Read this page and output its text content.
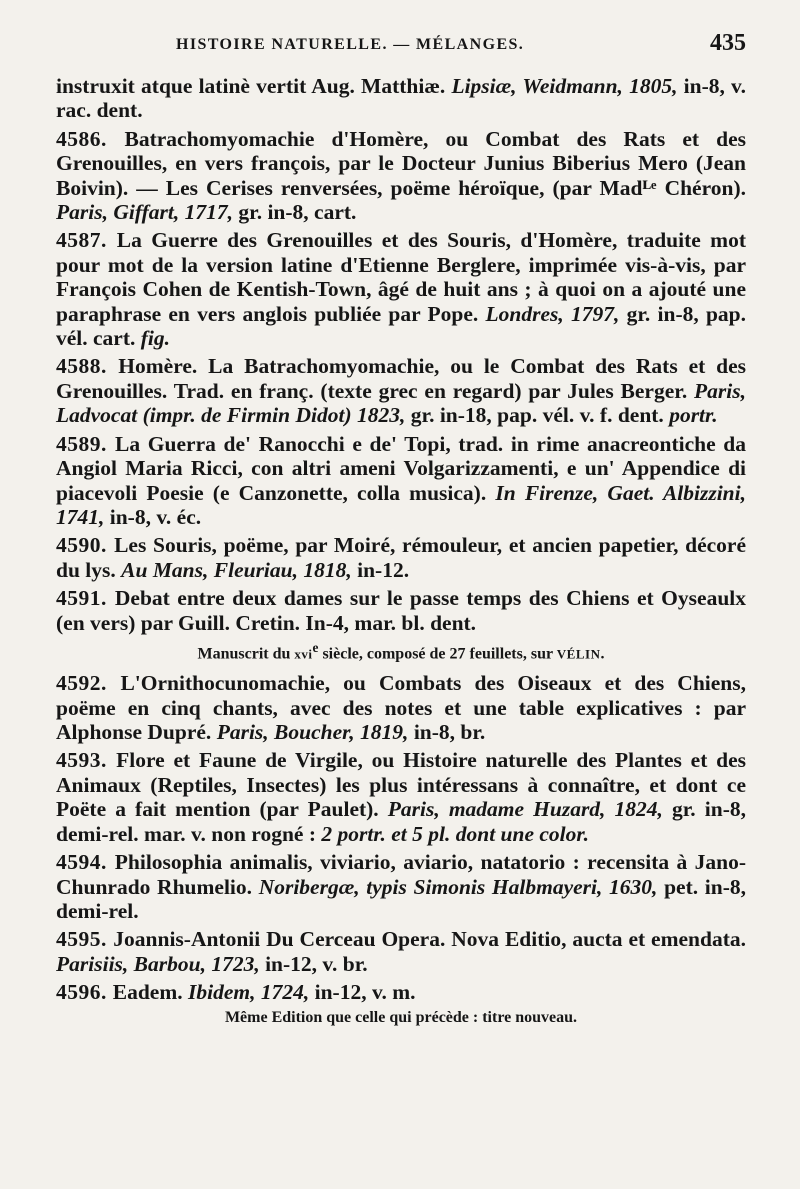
HISTOIRE NATURELLE. — MÉLANGES.	435

instruxit atque latinè vertit Aug. Matthiæ. Lipsiæ, Weidmann, 1805, in-8, v. rac. dent.

4586. Batrachomyomachie d'Homère, ou Combat des Rats et des Grenouilles, en vers françois, par le Docteur Junius Biberius Mero (Jean Boivin). — Les Cerises renversées, poëme héroïque, (par Madᴸᵉ Chéron). Paris, Giffart, 1717, gr. in-8, cart.

4587. La Guerre des Grenouilles et des Souris, d'Homère, traduite mot pour mot de la version latine d'Etienne Berglere, imprimée vis-à-vis, par François Cohen de Kentish-Town, âgé de huit ans ; à quoi on a ajouté une paraphrase en vers anglois publiée par Pope. Londres, 1797, gr. in-8, pap. vél. cart. fig.

4588. Homère. La Batrachomyomachie, ou le Combat des Rats et des Grenouilles. Trad. en franç. (texte grec en regard) par Jules Berger. Paris, Ladvocat (impr. de Firmin Didot) 1823, gr. in-18, pap. vél. v. f. dent. portr.

4589. La Guerra de' Ranocchi e de' Topi, trad. in rime anacreontiche da Angiol Maria Ricci, con altri ameni Volgarizzamenti, e un' Appendice di piacevoli Poesie (e Canzonette, colla musica). In Firenze, Gaet. Albizzini, 1741, in-8, v. éc.

4590. Les Souris, poëme, par Moiré, rémouleur, et ancien papetier, décoré du lys. Au Mans, Fleuriau, 1818, in-12.

4591. Debat entre deux dames sur le passe temps des Chiens et Oyseaulx (en vers) par Guill. Cretin. In-4, mar. bl. dent.

Manuscrit du xvi$^e$ siècle, composé de 27 feuillets, sur VÉLIN.

4592. L'Ornithocunomachie, ou Combats des Oiseaux et des Chiens, poëme en cinq chants, avec des notes et une table explicatives : par Alphonse Dupré. Paris, Boucher, 1819, in-8, br.

4593. Flore et Faune de Virgile, ou Histoire naturelle des Plantes et des Animaux (Reptiles, Insectes) les plus intéressans à connaître, et dont ce Poëte a fait mention (par Paulet). Paris, madame Huzard, 1824, gr. in-8, demi-rel. mar. v. non rogné : 2 portr. et 5 pl. dont une color.

4594. Philosophia animalis, viviario, aviario, natatorio : recensita à Jano-Chunrado Rhumelio. Noribergæ, typis Simonis Halbmayeri, 1630, pet. in-8, demi-rel.

4595. Joannis-Antonii Du Cerceau Opera. Nova Editio, aucta et emendata. Parisiis, Barbou, 1723, in-12, v. br.

4596. Eadem. Ibidem, 1724, in-12, v. m.

Même Edition que celle qui précède : titre nouveau.
